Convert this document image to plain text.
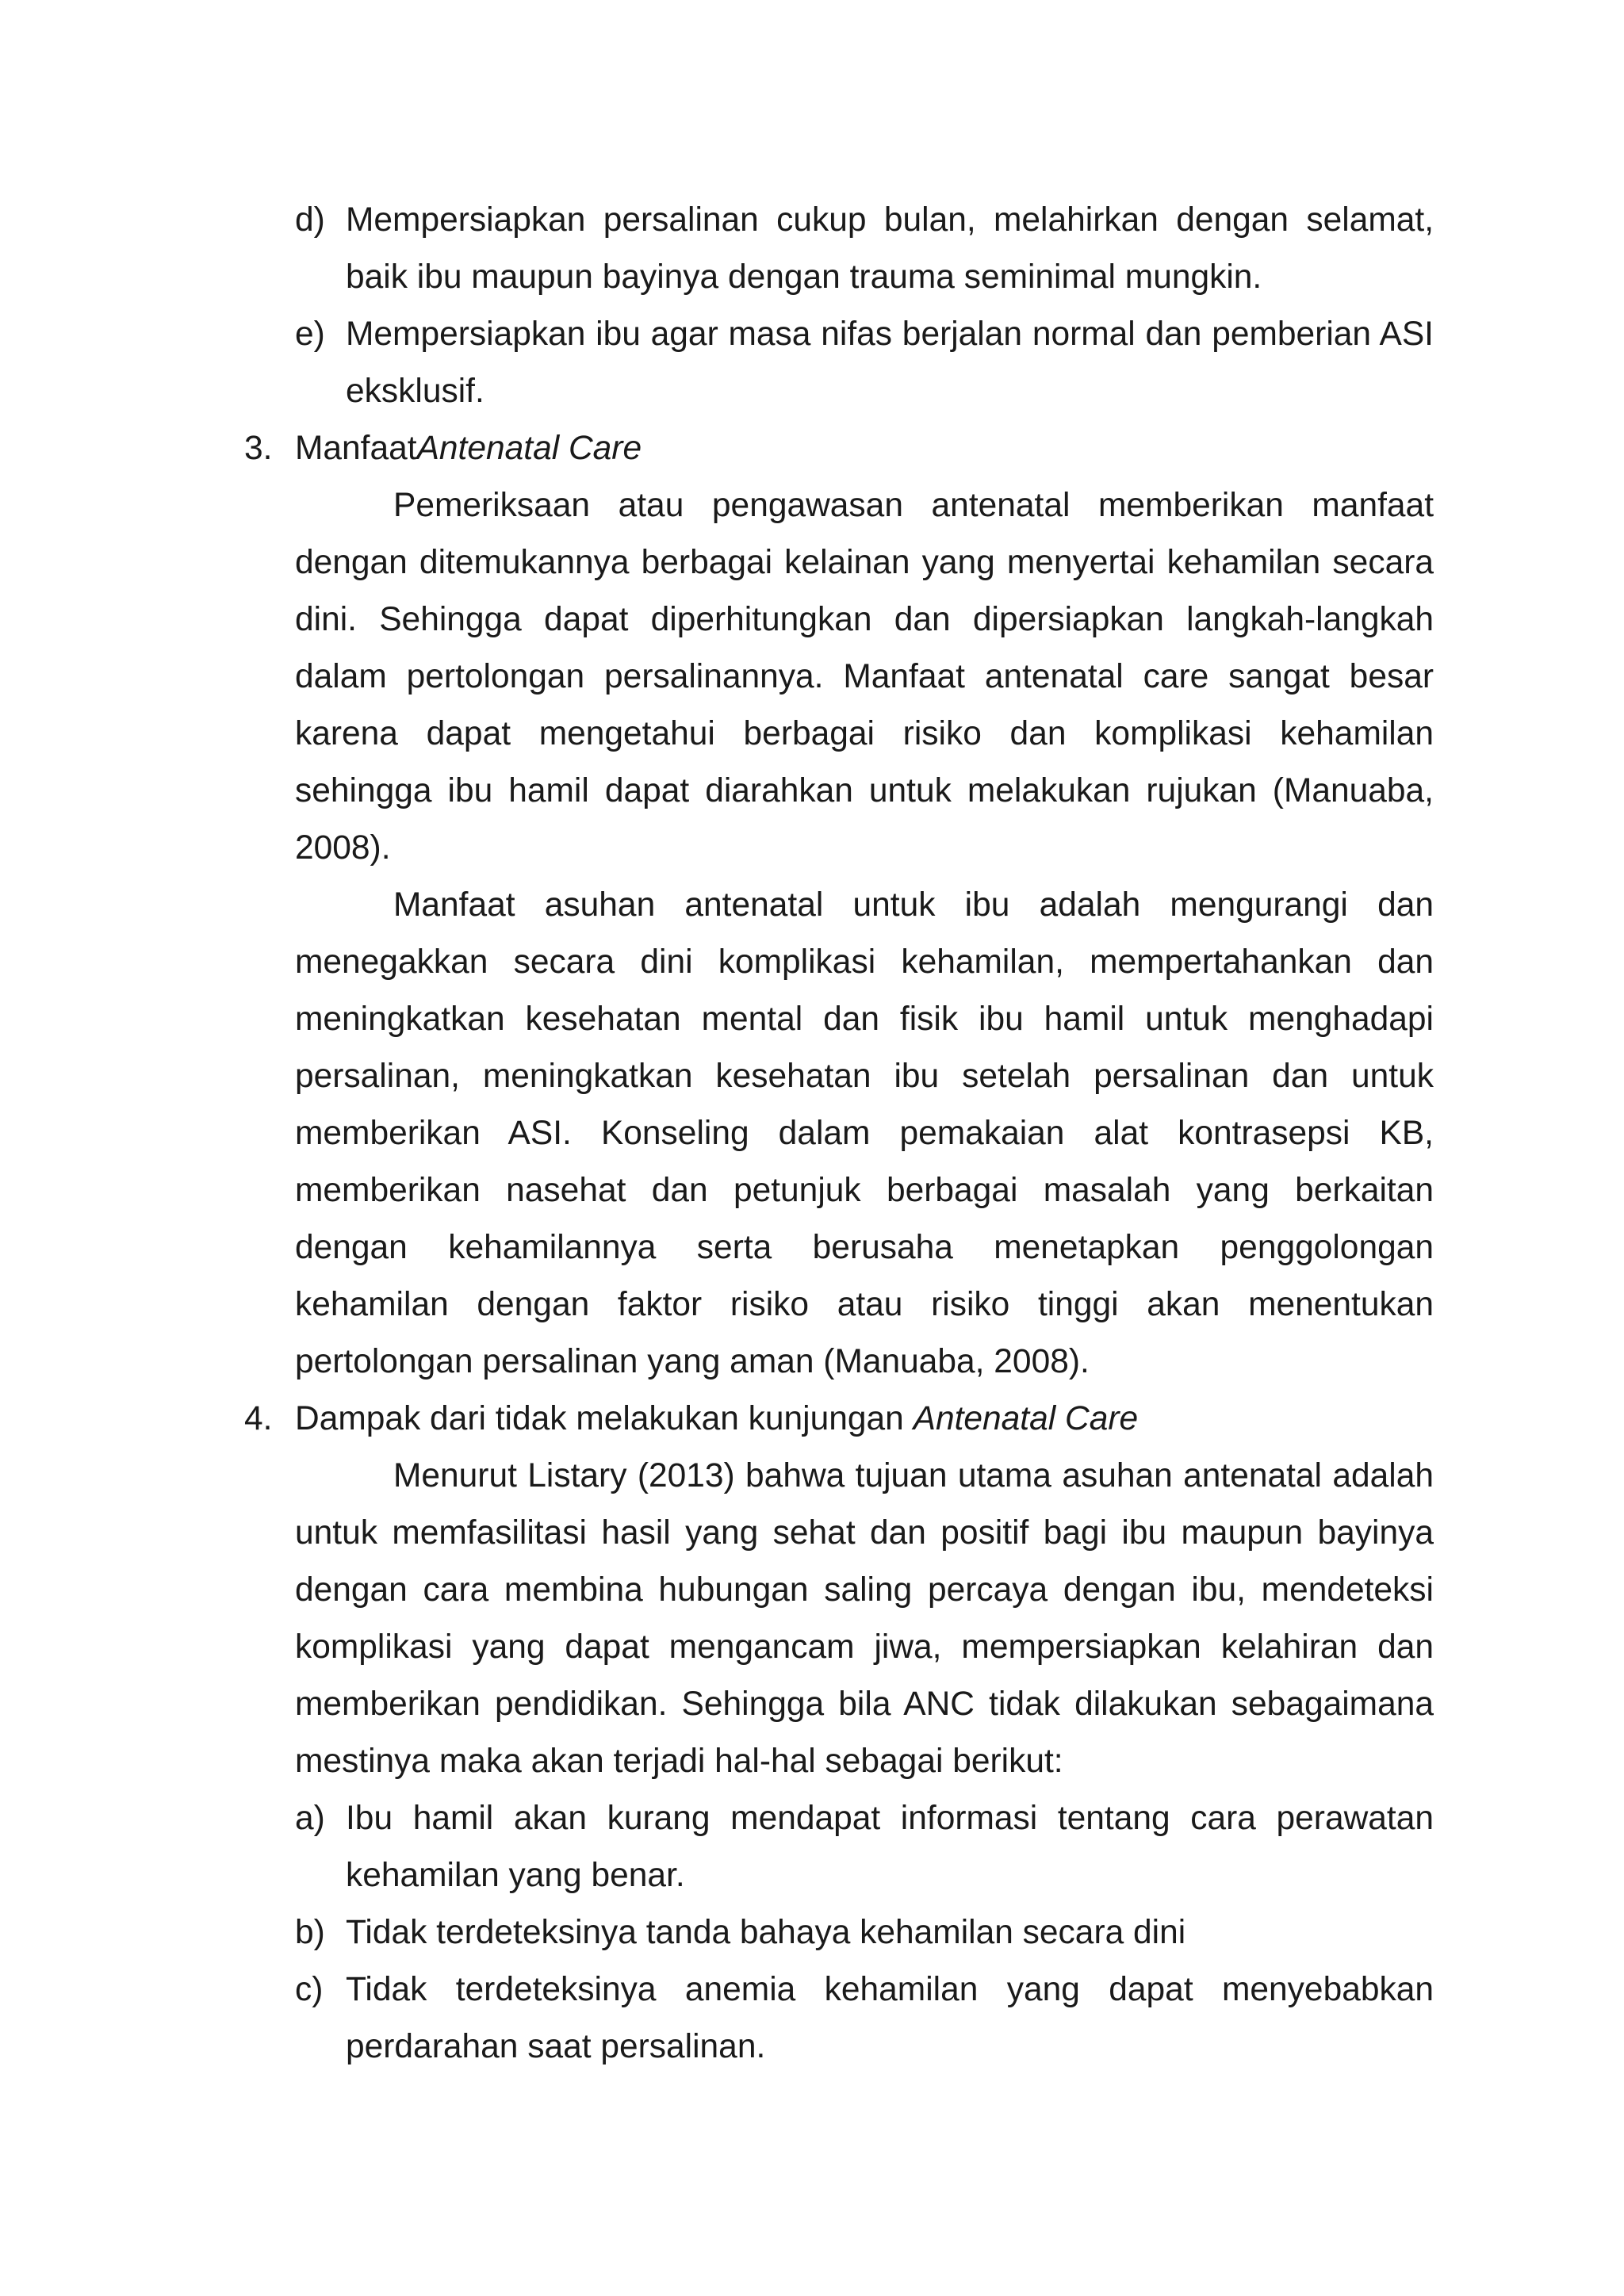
d) Mempersiapkan persalinan cukup bulan, melahirkan dengan selamat, baik ibu maupun bayinya dengan trauma seminimal mungkin.
e) Mempersiapkan ibu agar masa nifas berjalan normal dan pemberian ASI eksklusif.
3. ManfaatAntenatal Care
Pemeriksaan atau pengawasan antenatal memberikan manfaat dengan ditemukannya berbagai kelainan yang menyertai kehamilan secara dini. Sehingga dapat diperhitungkan dan dipersiapkan langkah-langkah dalam pertolongan persalinannya. Manfaat antenatal care sangat besar karena dapat mengetahui berbagai risiko dan komplikasi kehamilan sehingga ibu hamil dapat diarahkan untuk melakukan rujukan (Manuaba, 2008).
Manfaat asuhan antenatal untuk ibu adalah mengurangi dan menegakkan secara dini komplikasi kehamilan, mempertahankan dan meningkatkan kesehatan mental dan fisik ibu hamil untuk menghadapi persalinan, meningkatkan kesehatan ibu setelah persalinan dan untuk memberikan ASI. Konseling dalam pemakaian alat kontrasepsi KB, memberikan nasehat dan petunjuk berbagai masalah yang berkaitan dengan kehamilannya serta berusaha menetapkan penggolongan kehamilan dengan faktor risiko atau risiko tinggi akan menentukan pertolongan persalinan yang aman (Manuaba, 2008).
4. Dampak dari tidak melakukan kunjungan Antenatal Care
Menurut Listary (2013) bahwa tujuan utama asuhan antenatal adalah untuk memfasilitasi hasil yang sehat dan positif bagi ibu maupun bayinya dengan cara membina hubungan saling percaya dengan ibu, mendeteksi komplikasi yang dapat mengancam jiwa, mempersiapkan kelahiran dan memberikan pendidikan. Sehingga bila ANC tidak dilakukan sebagaimana mestinya maka akan terjadi hal-hal sebagai berikut:
a) Ibu hamil akan kurang mendapat informasi tentang cara perawatan kehamilan yang benar.
b) Tidak terdeteksinya tanda bahaya kehamilan secara dini
c) Tidak terdeteksinya anemia kehamilan yang dapat menyebabkan perdarahan saat persalinan.
